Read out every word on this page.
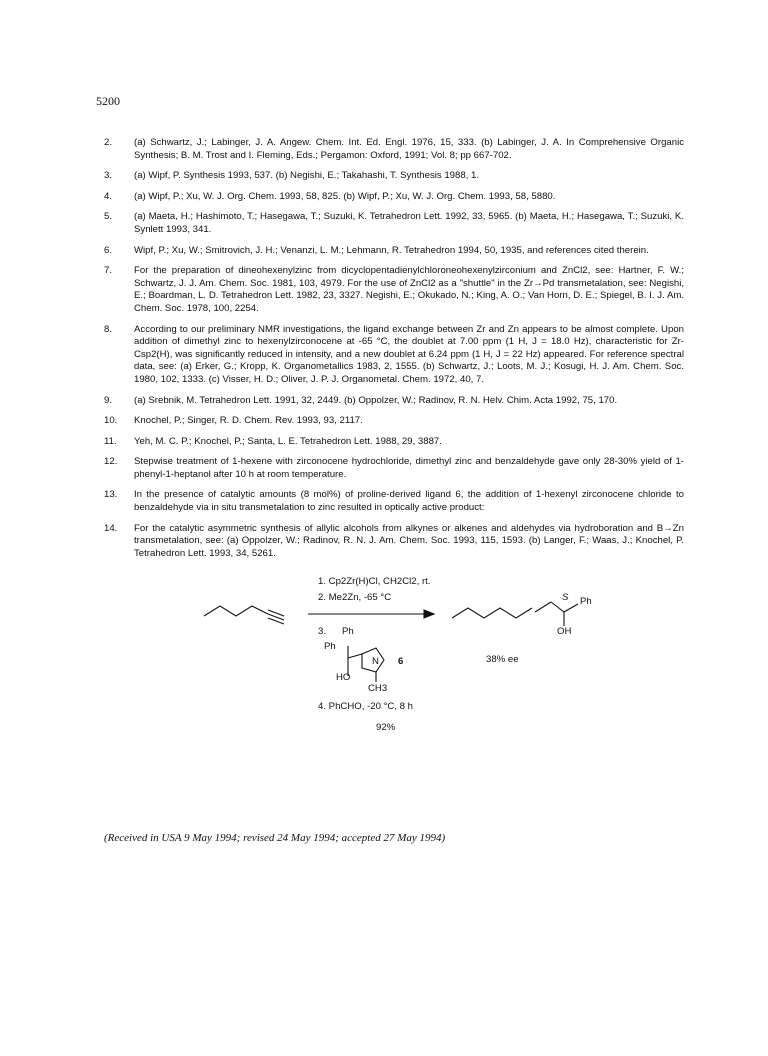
5200
2.	(a) Schwartz, J.; Labinger, J. A. Angew. Chem. Int. Ed. Engl. 1976, 15, 333. (b) Labinger, J. A. In Comprehensive Organic Synthesis; B. M. Trost and I. Fleming, Eds.; Pergamon: Oxford, 1991; Vol. 8; pp 667-702.
3.	(a) Wipf, P. Synthesis 1993, 537. (b) Negishi, E.; Takahashi, T. Synthesis 1988, 1.
4.	(a) Wipf, P.; Xu, W. J. Org. Chem. 1993, 58, 825. (b) Wipf, P.; Xu, W. J. Org. Chem. 1993, 58, 5880.
5.	(a) Maeta, H.; Hashimoto, T.; Hasegawa, T.; Suzuki, K. Tetrahedron Lett. 1992, 33, 5965. (b) Maeta, H.; Hasegawa, T.; Suzuki, K. Synlett 1993, 341.
6.	Wipf, P.; Xu, W.; Smitrovich, J. H.; Venanzi, L. M.; Lehmann, R. Tetrahedron 1994, 50, 1935, and references cited therein.
7.	For the preparation of dineohexenylzinc from dicyclopentadienylchloroneohexenylzirconium and ZnCl2, see: Hartner, F. W.; Schwartz, J. J. Am. Chem. Soc. 1981, 103, 4979. For the use of ZnCl2 as a "shuttle" in the Zr→Pd transmetalation, see: Negishi, E.; Boardman, L. D. Tetrahedron Lett. 1982, 23, 3327. Negishi, E.; Okukado, N.; King, A. O.; Van Horn, D. E.; Spiegel, B. I. J. Am. Chem. Soc. 1978, 100, 2254.
8.	According to our preliminary NMR investigations, the ligand exchange between Zr and Zn appears to be almost complete. Upon addition of dimethyl zinc to hexenylzirconocene at -65 °C, the doublet at 7.00 ppm (1 H, J = 18.0 Hz), characteristic for Zr-Csp2(H), was significantly reduced in intensity, and a new doublet at 6.24 ppm (1 H, J = 22 Hz) appeared. For reference spectral data, see: (a) Erker, G.; Kropp, K. Organometallics 1983, 2, 1555. (b) Schwartz, J.; Loots, M. J.; Kosugi, H. J. Am. Chem. Soc. 1980, 102, 1333. (c) Visser, H. D.; Oliver, J. P. J. Organometal. Chem. 1972, 40, 7.
9.	(a) Srebnik, M. Tetrahedron Lett. 1991, 32, 2449. (b) Oppolzer, W.; Radinov, R. N. Helv. Chim. Acta 1992, 75, 170.
10.	Knochel, P.; Singer, R. D. Chem. Rev. 1993, 93, 2117.
11.	Yeh, M. C. P.; Knochel, P.; Santa, L. E. Tetrahedron Lett. 1988, 29, 3887.
12.	Stepwise treatment of 1-hexene with zirconocene hydrochloride, dimethyl zinc and benzaldehyde gave only 28-30% yield of 1-phenyl-1-heptanol after 10 h at room temperature.
13.	In the presence of catalytic amounts (8 mol%) of proline-derived ligand 6, the addition of 1-hexenyl zirconocene chloride to benzaldehyde via in situ transmetalation to zinc resulted in optically active product:
14.	For the catalytic asymmetric synthesis of allylic alcohols from alkynes or alkenes and aldehydes via hydroboration and B→Zn transmetalation, see: (a) Oppolzer, W.; Radinov, R. N. J. Am. Chem. Soc. 1993, 115, 1593. (b) Langer, F.; Waas, J.; Knochel, P. Tetrahedron Lett. 1993, 34, 5261.
1. Cp2Zr(H)Cl, CH2Cl2, rt.
2. Me2Zn, -65 °C
3. Ph
Ph
HO
N
CH3
6
4. PhCHO, -20 °C, 8 h
S Ph
OH
38% ee
92%
(Received in USA 9 May 1994; revised 24 May 1994; accepted 27 May 1994)
